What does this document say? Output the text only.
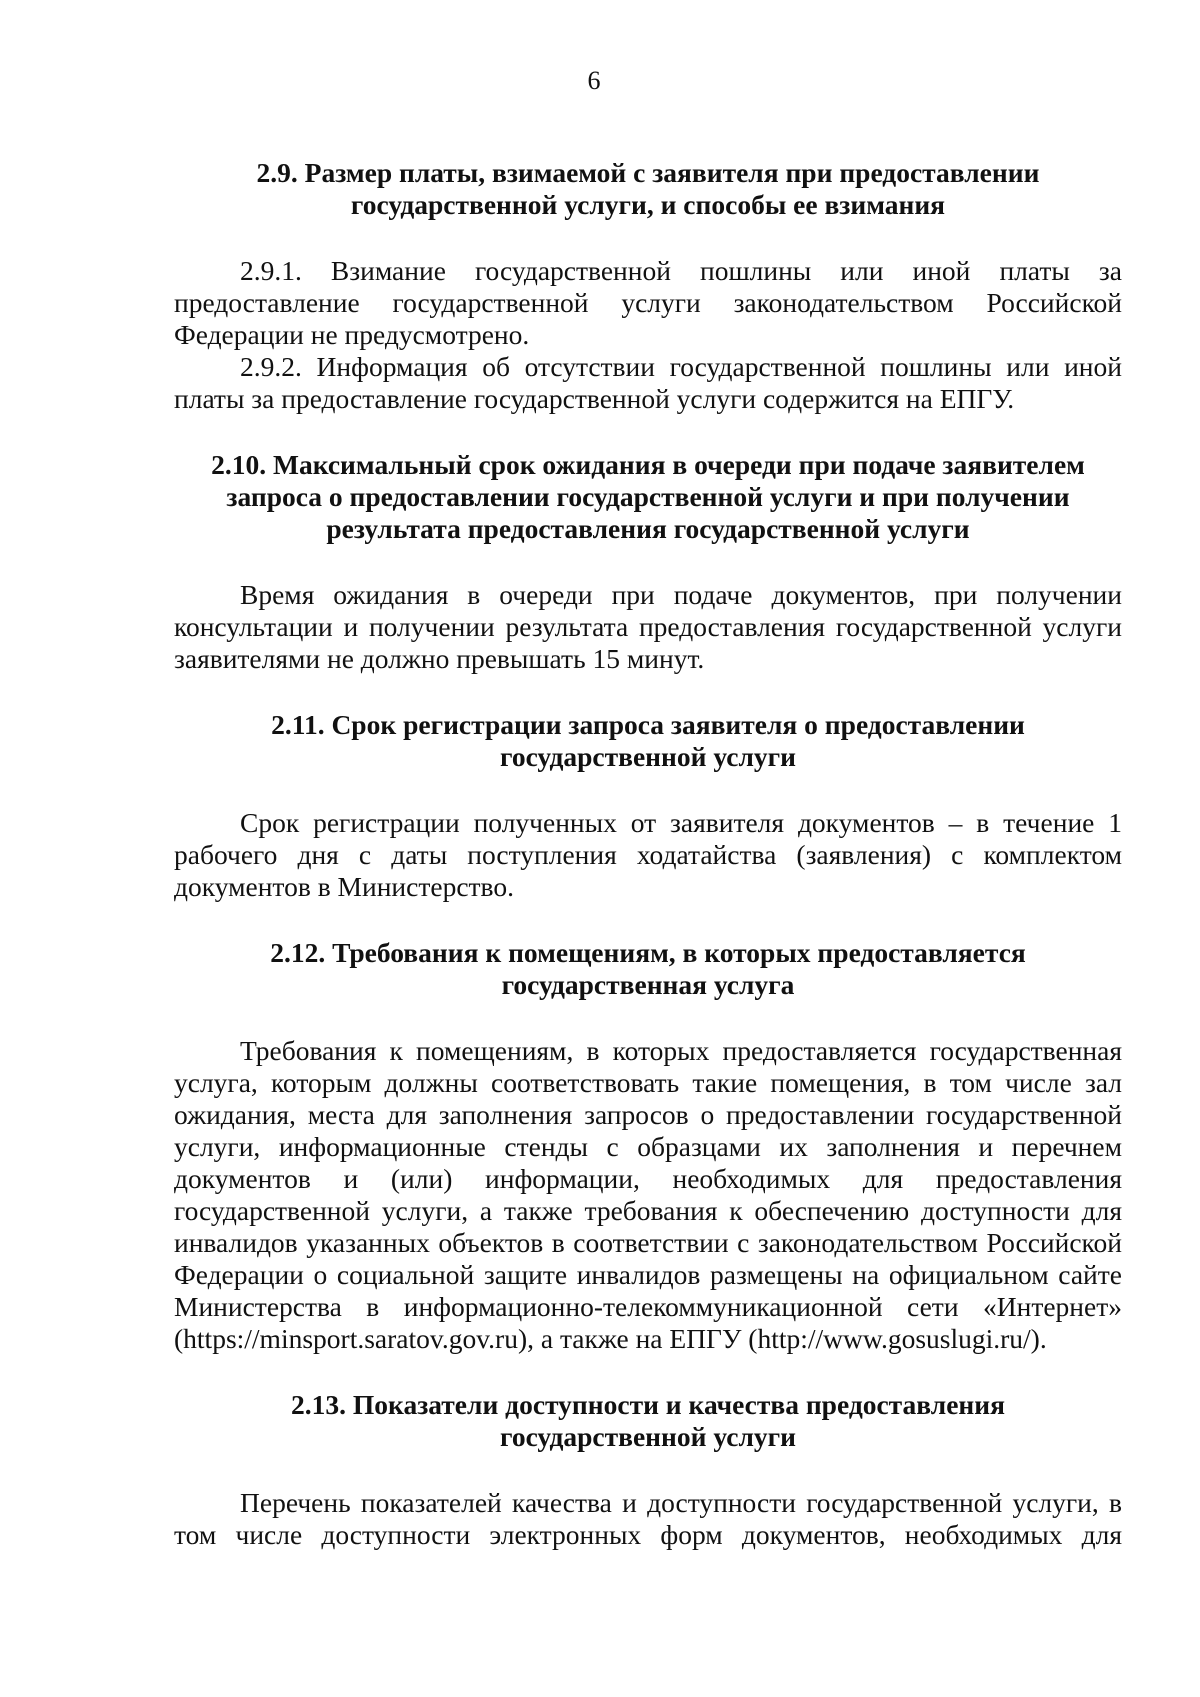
6
2.9. Размер платы, взимаемой с заявителя при предоставлении
государственной услуги, и способы ее взимания

2.9.1. Взимание государственной пошлины или иной платы за предоставление государственной услуги законодательством Российской Федерации не предусмотрено.

2.9.2. Информация об отсутствии государственной пошлины или иной платы за предоставление государственной услуги содержится на ЕПГУ.

2.10. Максимальный срок ожидания в очереди при подаче заявителем
запроса о предоставлении государственной услуги и при получении
результата предоставления государственной услуги

Время ожидания в очереди при подаче документов, при получении консультации и получении результата предоставления государственной услуги заявителями не должно превышать 15 минут.

2.11. Срок регистрации запроса заявителя о предоставлении
государственной услуги

Срок регистрации полученных от заявителя документов – в течение 1 рабочего дня с даты поступления ходатайства (заявления) с комплектом документов в Министерство.

2.12. Требования к помещениям, в которых предоставляется
государственная услуга

Требования к помещениям, в которых предоставляется государственная услуга, которым должны соответствовать такие помещения, в том числе зал ожидания, места для заполнения запросов о предоставлении государственной услуги, информационные стенды с образцами их заполнения и перечнем документов и (или) информации, необходимых для предоставления государственной услуги, а также требования к обеспечению доступности для инвалидов указанных объектов в соответствии с законодательством Российской Федерации о социальной защите инвалидов размещены на официальном сайте Министерства в информационно-телекоммуникационной сети «Интернет» (https://minsport.saratov.gov.ru), а также на ЕПГУ (http://www.gosuslugi.ru/).

2.13. Показатели доступности и качества предоставления
государственной услуги

Перечень показателей качества и доступности государственной услуги, в том числе доступности электронных форм документов, необходимых для
